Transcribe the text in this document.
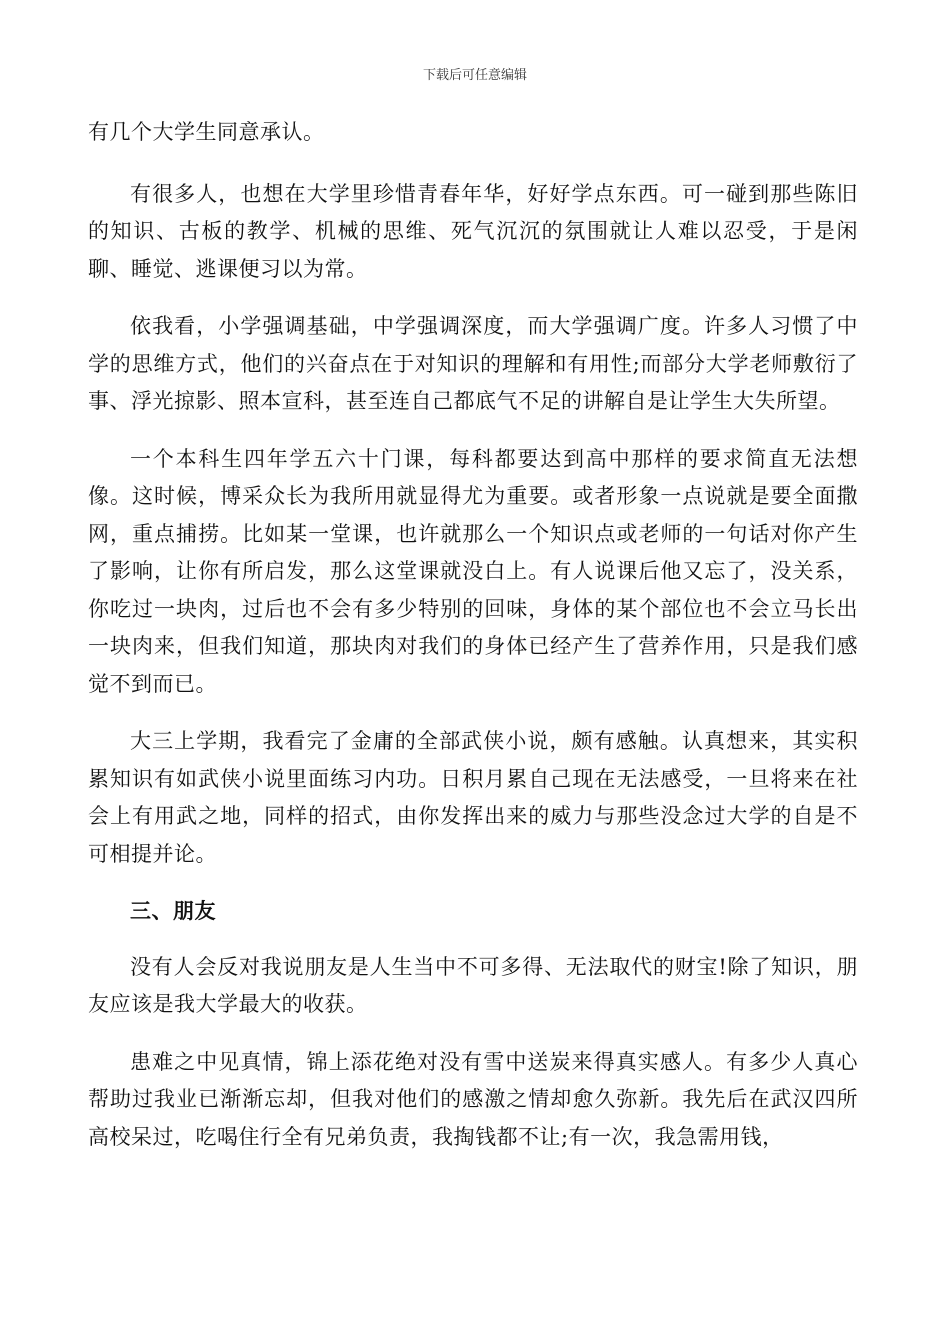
下载后可任意编辑

有几个大学生同意承认。

有很多人，也想在大学里珍惜青春年华，好好学点东西。可一碰到那些陈旧的知识、古板的教学、机械的思维、死气沉沉的氛围就让人难以忍受，于是闲聊、睡觉、逃课便习以为常。

依我看，小学强调基础，中学强调深度，而大学强调广度。许多人习惯了中学的思维方式，他们的兴奋点在于对知识的理解和有用性;而部分大学老师敷衍了事、浮光掠影、照本宣科，甚至连自己都底气不足的讲解自是让学生大失所望。

一个本科生四年学五六十门课，每科都要达到高中那样的要求简直无法想像。这时候，博采众长为我所用就显得尤为重要。或者形象一点说就是要全面撒网，重点捕捞。比如某一堂课，也许就那么一个知识点或老师的一句话对你产生了影响，让你有所启发，那么这堂课就没白上。有人说课后他又忘了，没关系，你吃过一块肉，过后也不会有多少特别的回味，身体的某个部位也不会立马长出一块肉来，但我们知道，那块肉对我们的身体已经产生了营养作用，只是我们感觉不到而已。

大三上学期，我看完了金庸的全部武侠小说，颇有感触。认真想来，其实积累知识有如武侠小说里面练习内功。日积月累自己现在无法感受，一旦将来在社会上有用武之地，同样的招式，由你发挥出来的威力与那些没念过大学的自是不可相提并论。

三、朋友

没有人会反对我说朋友是人生当中不可多得、无法取代的财宝!除了知识，朋友应该是我大学最大的收获。

患难之中见真情，锦上添花绝对没有雪中送炭来得真实感人。有多少人真心帮助过我业已渐渐忘却，但我对他们的感激之情却愈久弥新。我先后在武汉四所高校呆过，吃喝住行全有兄弟负责，我掏钱都不让;有一次，我急需用钱，
